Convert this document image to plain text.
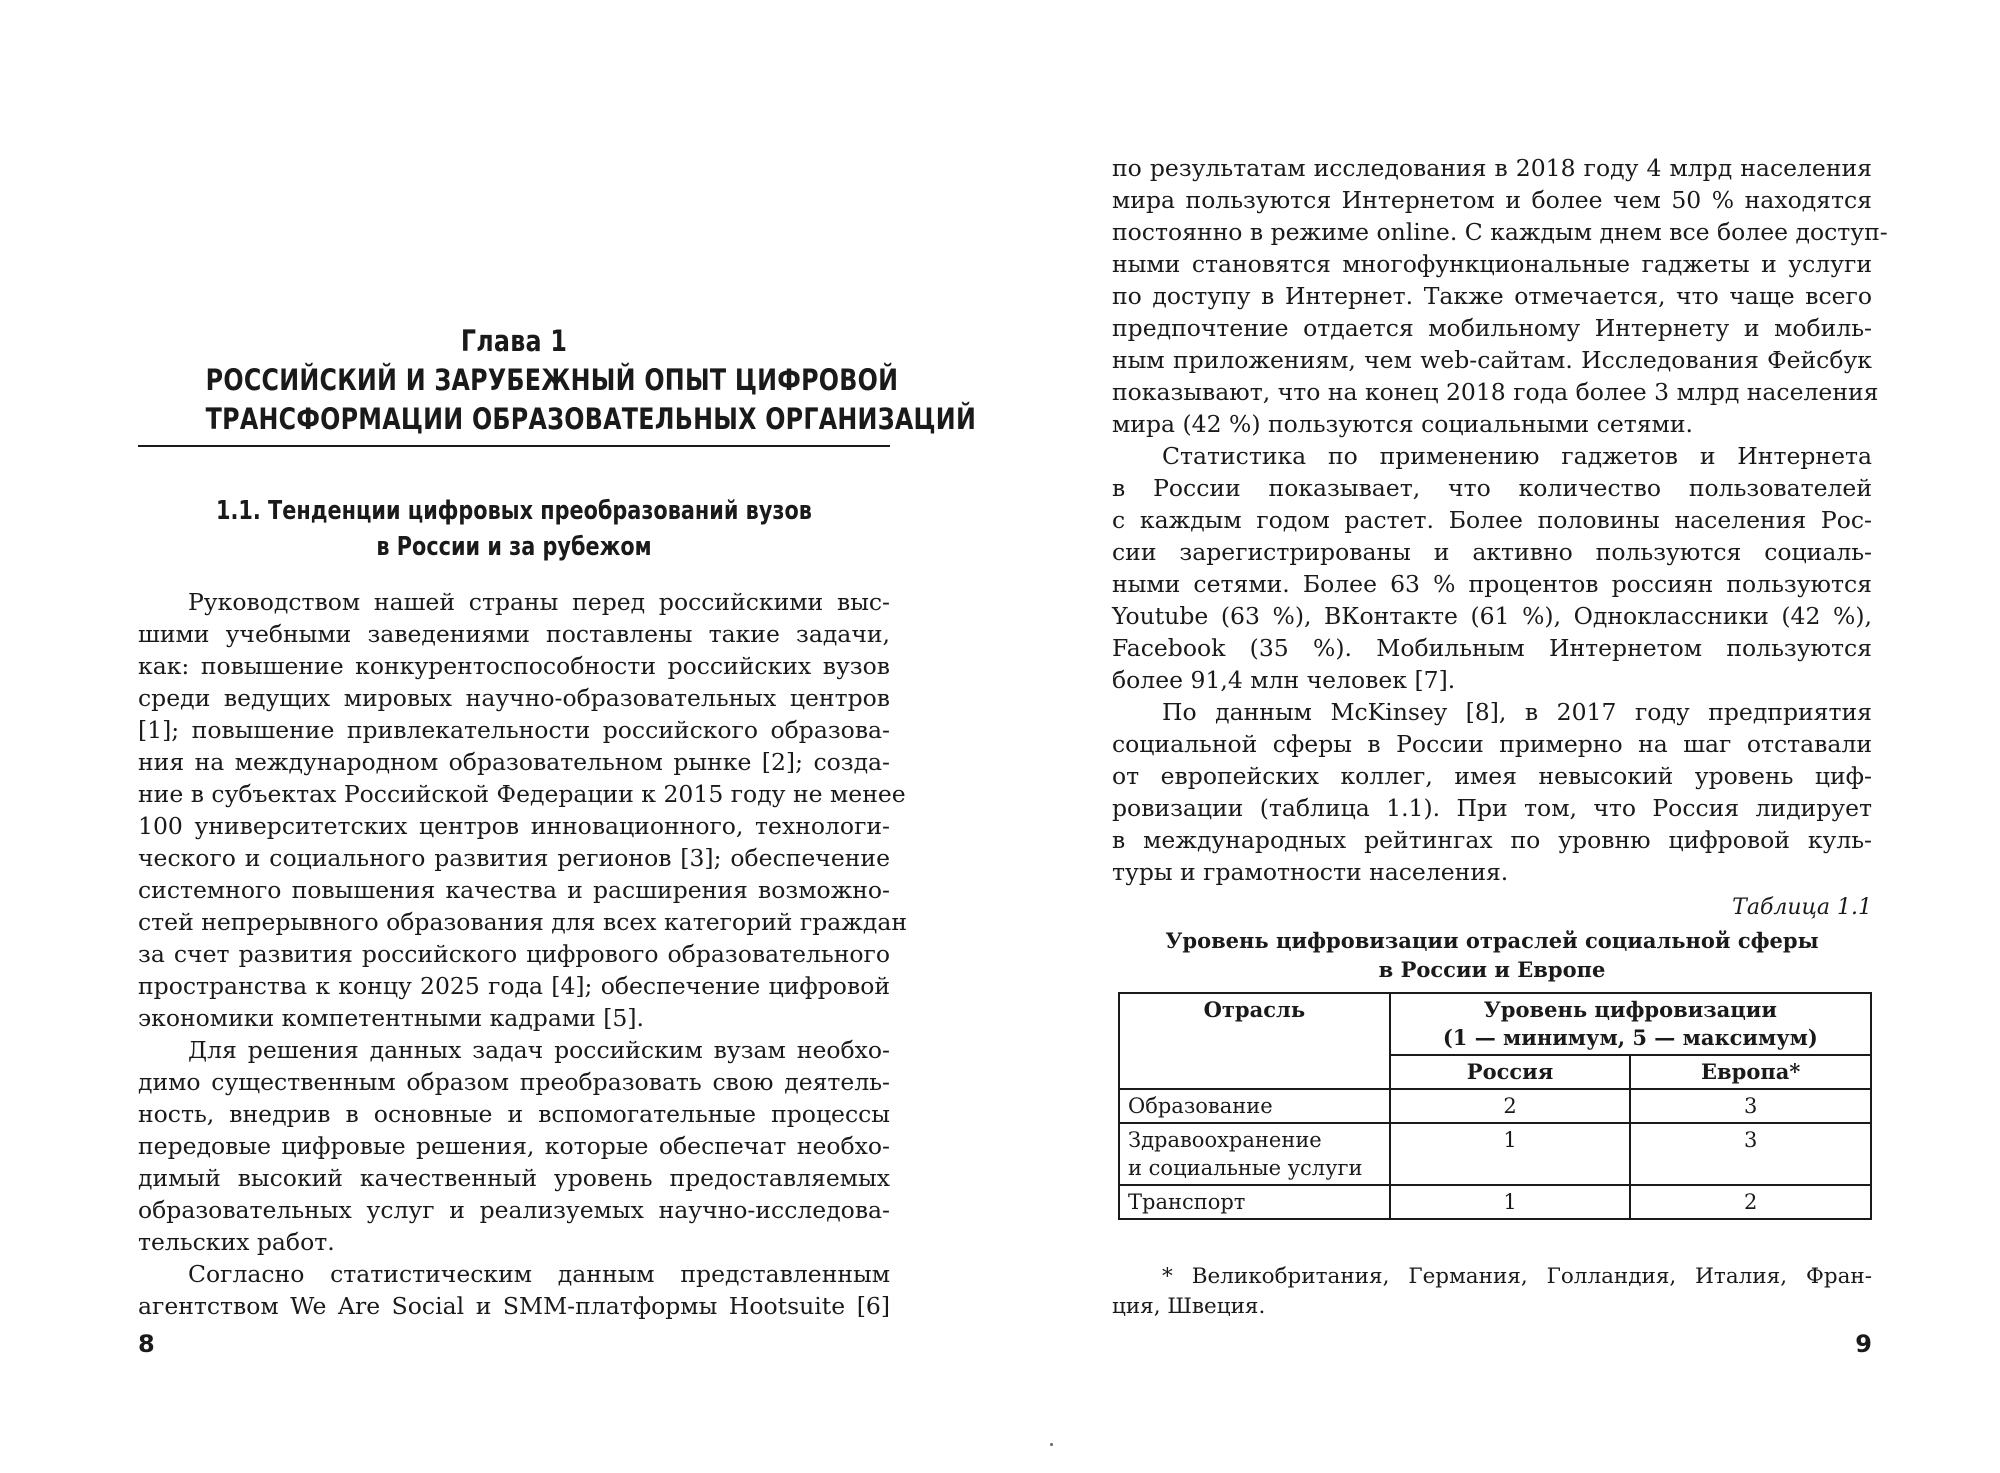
Глава 1
РОССИЙСКИЙ И ЗАРУБЕЖНЫЙ ОПЫТ ЦИФРОВОЙ
ТРАНСФОРМАЦИИ ОБРАЗОВАТЕЛЬНЫХ ОРГАНИЗАЦИЙ
1.1. Тенденции цифровых преобразований вузов
в России и за рубежом
Руководством нашей страны перед российскими выс-
шими учебными заведениями поставлены такие задачи,
как: повышение конкурентоспособности российских вузов
среди ведущих мировых научно-образовательных центров
[1]; повышение привлекательности российского образова-
ния на международном образовательном рынке [2]; созда-
ние в субъектах Российской Федерации к 2015 году не менее
100 университетских центров инновационного, технологи-
ческого и социального развития регионов [3]; обеспечение
системного повышения качества и расширения возможно-
стей непрерывного образования для всех категорий граждан
за счет развития российского цифрового образовательного
пространства к концу 2025 года [4]; обеспечение цифровой
экономики компетентными кадрами [5].
Для решения данных задач российским вузам необхо-
димо существенным образом преобразовать свою деятель-
ность, внедрив в основные и вспомогательные процессы
передовые цифровые решения, которые обеспечат необхо-
димый высокий качественный уровень предоставляемых
образовательных услуг и реализуемых научно-исследова-
тельских работ.
Согласно статистическим данным представленным
агентством We Are Social и SMM-платформы Hootsuite [6]
8
по результатам исследования в 2018 году 4 млрд населения
мира пользуются Интернетом и более чем 50 % находятся
постоянно в режиме online. С каждым днем все более доступ-
ными становятся многофункциональные гаджеты и услуги
по доступу в Интернет. Также отмечается, что чаще всего
предпочтение отдается мобильному Интернету и мобиль-
ным приложениям, чем web-сайтам. Исследования Фейсбук
показывают, что на конец 2018 года более 3 млрд населения
мира (42 %) пользуются социальными сетями.
Статистика по применению гаджетов и Интернета
в России показывает, что количество пользователей
с каждым годом растет. Более половины населения Рос-
сии зарегистрированы и активно пользуются социаль-
ными сетями. Более 63 % процентов россиян пользуются
Youtube (63 %), ВКонтакте (61 %), Одноклассники (42 %),
Facebook (35 %). Мобильным Интернетом пользуются
более 91,4 млн человек [7].
По данным McKinsey [8], в 2017 году предприятия
социальной сферы в России примерно на шаг отставали
от европейских коллег, имея невысокий уровень циф-
ровизации (таблица 1.1). При том, что Россия лидирует
в международных рейтингах по уровню цифровой куль-
туры и грамотности населения.
Таблица 1.1
Уровень цифровизации отраслей социальной сферы
в России и Европе
Отрасль	Уровень цифровизации
(1 — минимум, 5 — максимум)	

	Россия	Европа*

Образование	2	3

Здравоохранение
и социальные услуги	1	3

Транспорт	1	2
* Великобритания, Германия, Голландия, Италия, Фран-
ция, Швеция.
9
